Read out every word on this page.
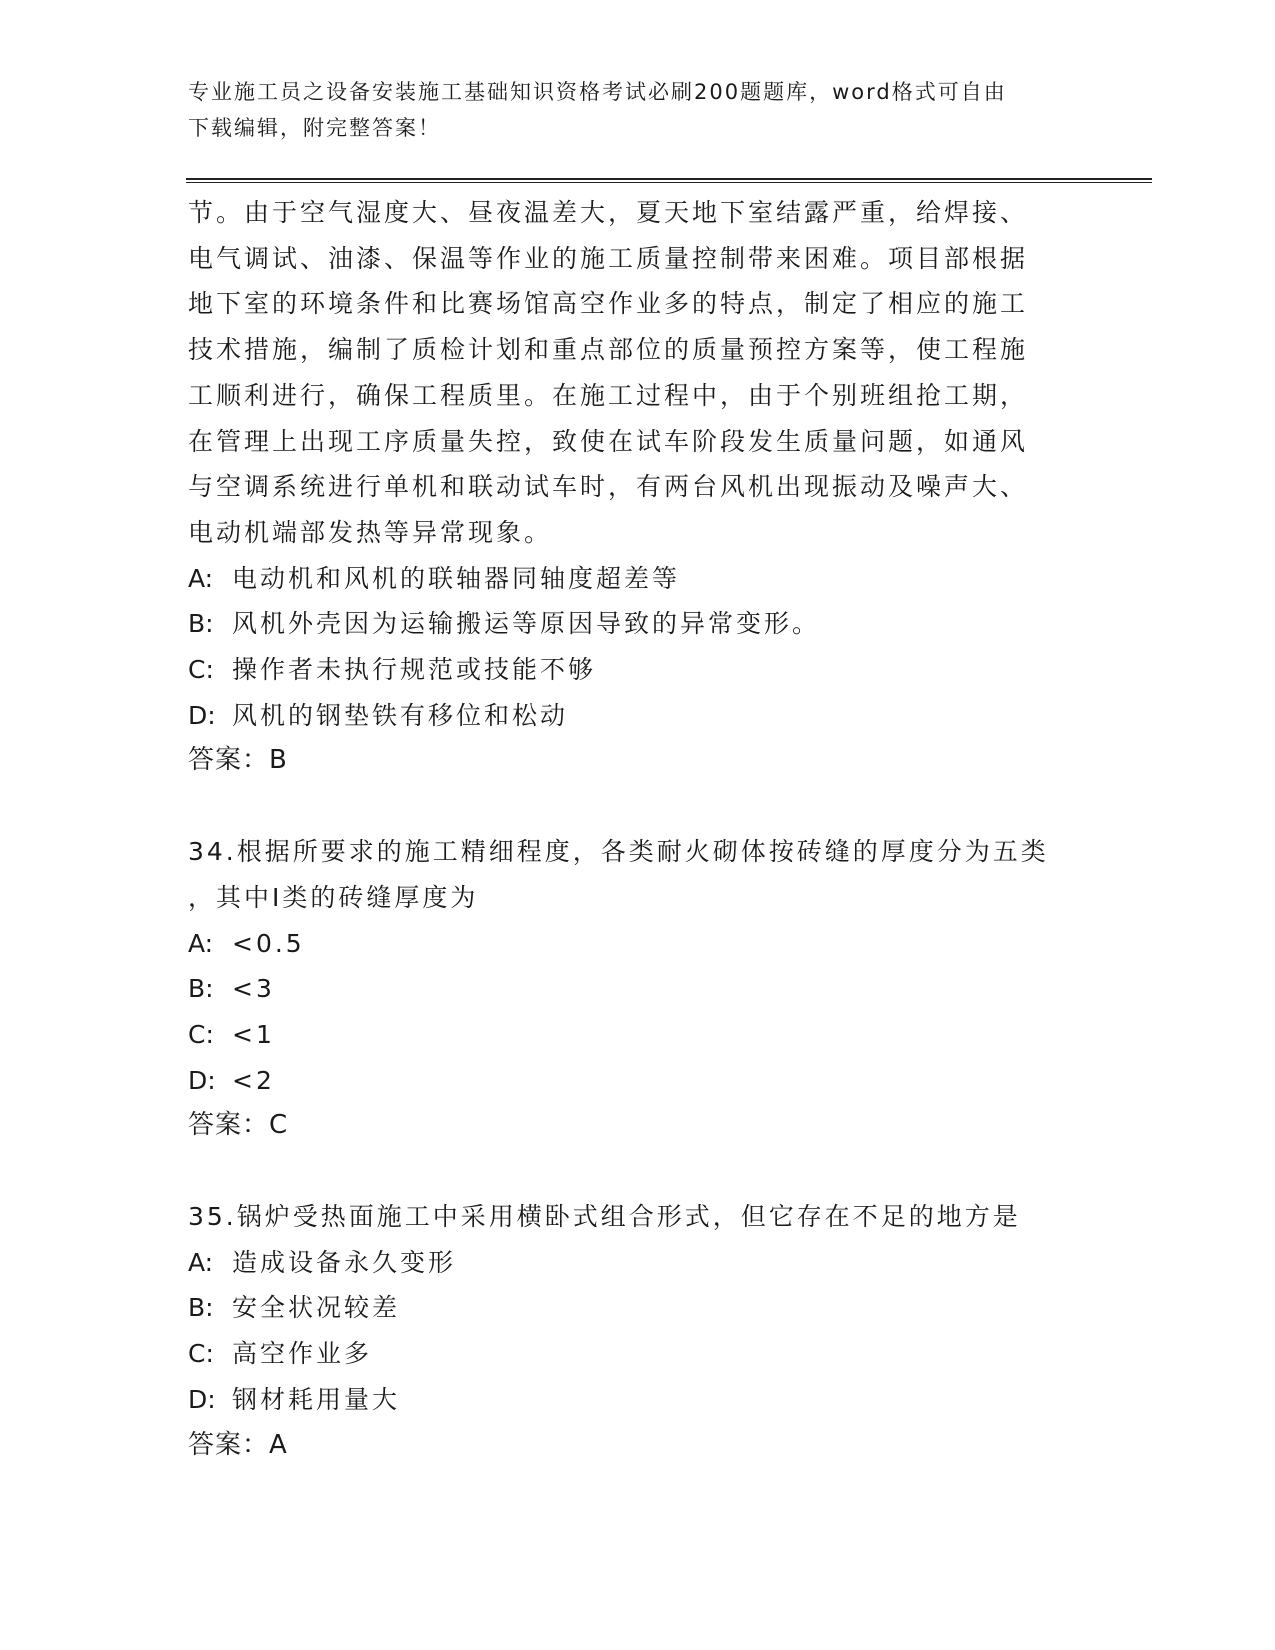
专业施工员之设备安装施工基础知识资格考试必刷200题题库，word格式可自由
下载编辑，附完整答案！

节。由于空气湿度大、昼夜温差大，夏天地下室结露严重，给焊接、

电气调试、油漆、保温等作业的施工质量控制带来困难。项目部根据

地下室的环境条件和比赛场馆高空作业多的特点，制定了相应的施工

技术措施，编制了质检计划和重点部位的质量预控方案等，使工程施

工顺利进行，确保工程质里。在施工过程中，由于个别班组抢工期，

在管理上出现工序质量失控，致使在试车阶段发生质量问题，如通风

与空调系统进行单机和联动试车时，有两台风机出现振动及噪声大、

电动机端部发热等异常现象。

A: 电动机和风机的联轴器同轴度超差等

B: 风机外壳因为运输搬运等原因导致的异常变形。

C: 操作者未执行规范或技能不够

D: 风机的钢垫铁有移位和松动

答案：B

34.根据所要求的施工精细程度，各类耐火砌体按砖缝的厚度分为五类

，其中Ⅰ类的砖缝厚度为

A: <0.5

B: <3

C: <1

D: <2

答案：C

35.锅炉受热面施工中采用横卧式组合形式，但它存在不足的地方是

A: 造成设备永久变形

B: 安全状况较差

C: 高空作业多

D: 钢材耗用量大

答案：A
